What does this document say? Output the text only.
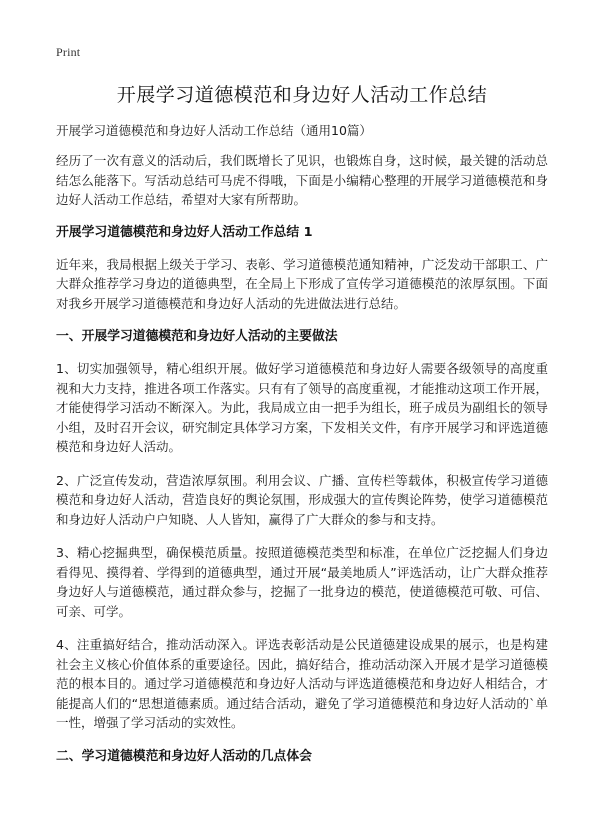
Print
开展学习道德模范和身边好人活动工作总结

开展学习道德模范和身边好人活动工作总结（通用10篇）

经历了一次有意义的活动后，我们既增长了见识，也锻炼自身，这时候，最关键的活动总结怎么能落下。写活动总结可马虎不得哦，下面是小编精心整理的开展学习道德模范和身边好人活动工作总结，希望对大家有所帮助。

开展学习道德模范和身边好人活动工作总结 1

近年来，我局根据上级关于学习、表彰、学习道德模范通知精神，广泛发动干部职工、广大群众推荐学习身边的道德典型，在全局上下形成了宣传学习道德模范的浓厚氛围。下面对我乡开展学习道德模范和身边好人活动的先进做法进行总结。

一、开展学习道德模范和身边好人活动的主要做法

1、切实加强领导，精心组织开展。做好学习道德模范和身边好人需要各级领导的高度重视和大力支持，推进各项工作落实。只有有了领导的高度重视，才能推动这项工作开展，才能使得学习活动不断深入。为此，我局成立由一把手为组长，班子成员为副组长的领导小组，及时召开会议，研究制定具体学习方案，下发相关文件，有序开展学习和评选道德模范和身边好人活动。

2、广泛宣传发动，营造浓厚氛围。利用会议、广播、宣传栏等载体，积极宣传学习道德模范和身边好人活动，营造良好的舆论氛围，形成强大的宣传舆论阵势，使学习道德模范和身边好人活动户户知晓、人人皆知，赢得了广大群众的参与和支持。

3、精心挖掘典型，确保模范质量。按照道德模范类型和标准，在单位广泛挖掘人们身边看得见、摸得着、学得到的道德典型，通过开展“最美地质人”评选活动，让广大群众推荐身边好人与道德模范，通过群众参与，挖掘了一批身边的模范，使道德模范可敬、可信、可亲、可学。

4、注重搞好结合，推动活动深入。评选表彰活动是公民道德建设成果的展示，也是构建社会主义核心价值体系的重要途径。因此，搞好结合，推动活动深入开展才是学习道德模范的根本目的。通过学习道德模范和身边好人活动与评选道德模范和身边好人相结合，才能提高人们的“思想道德素质。通过结合活动，避免了学习道德模范和身边好人活动的`单一性，增强了学习活动的实效性。

二、学习道德模范和身边好人活动的几点体会
